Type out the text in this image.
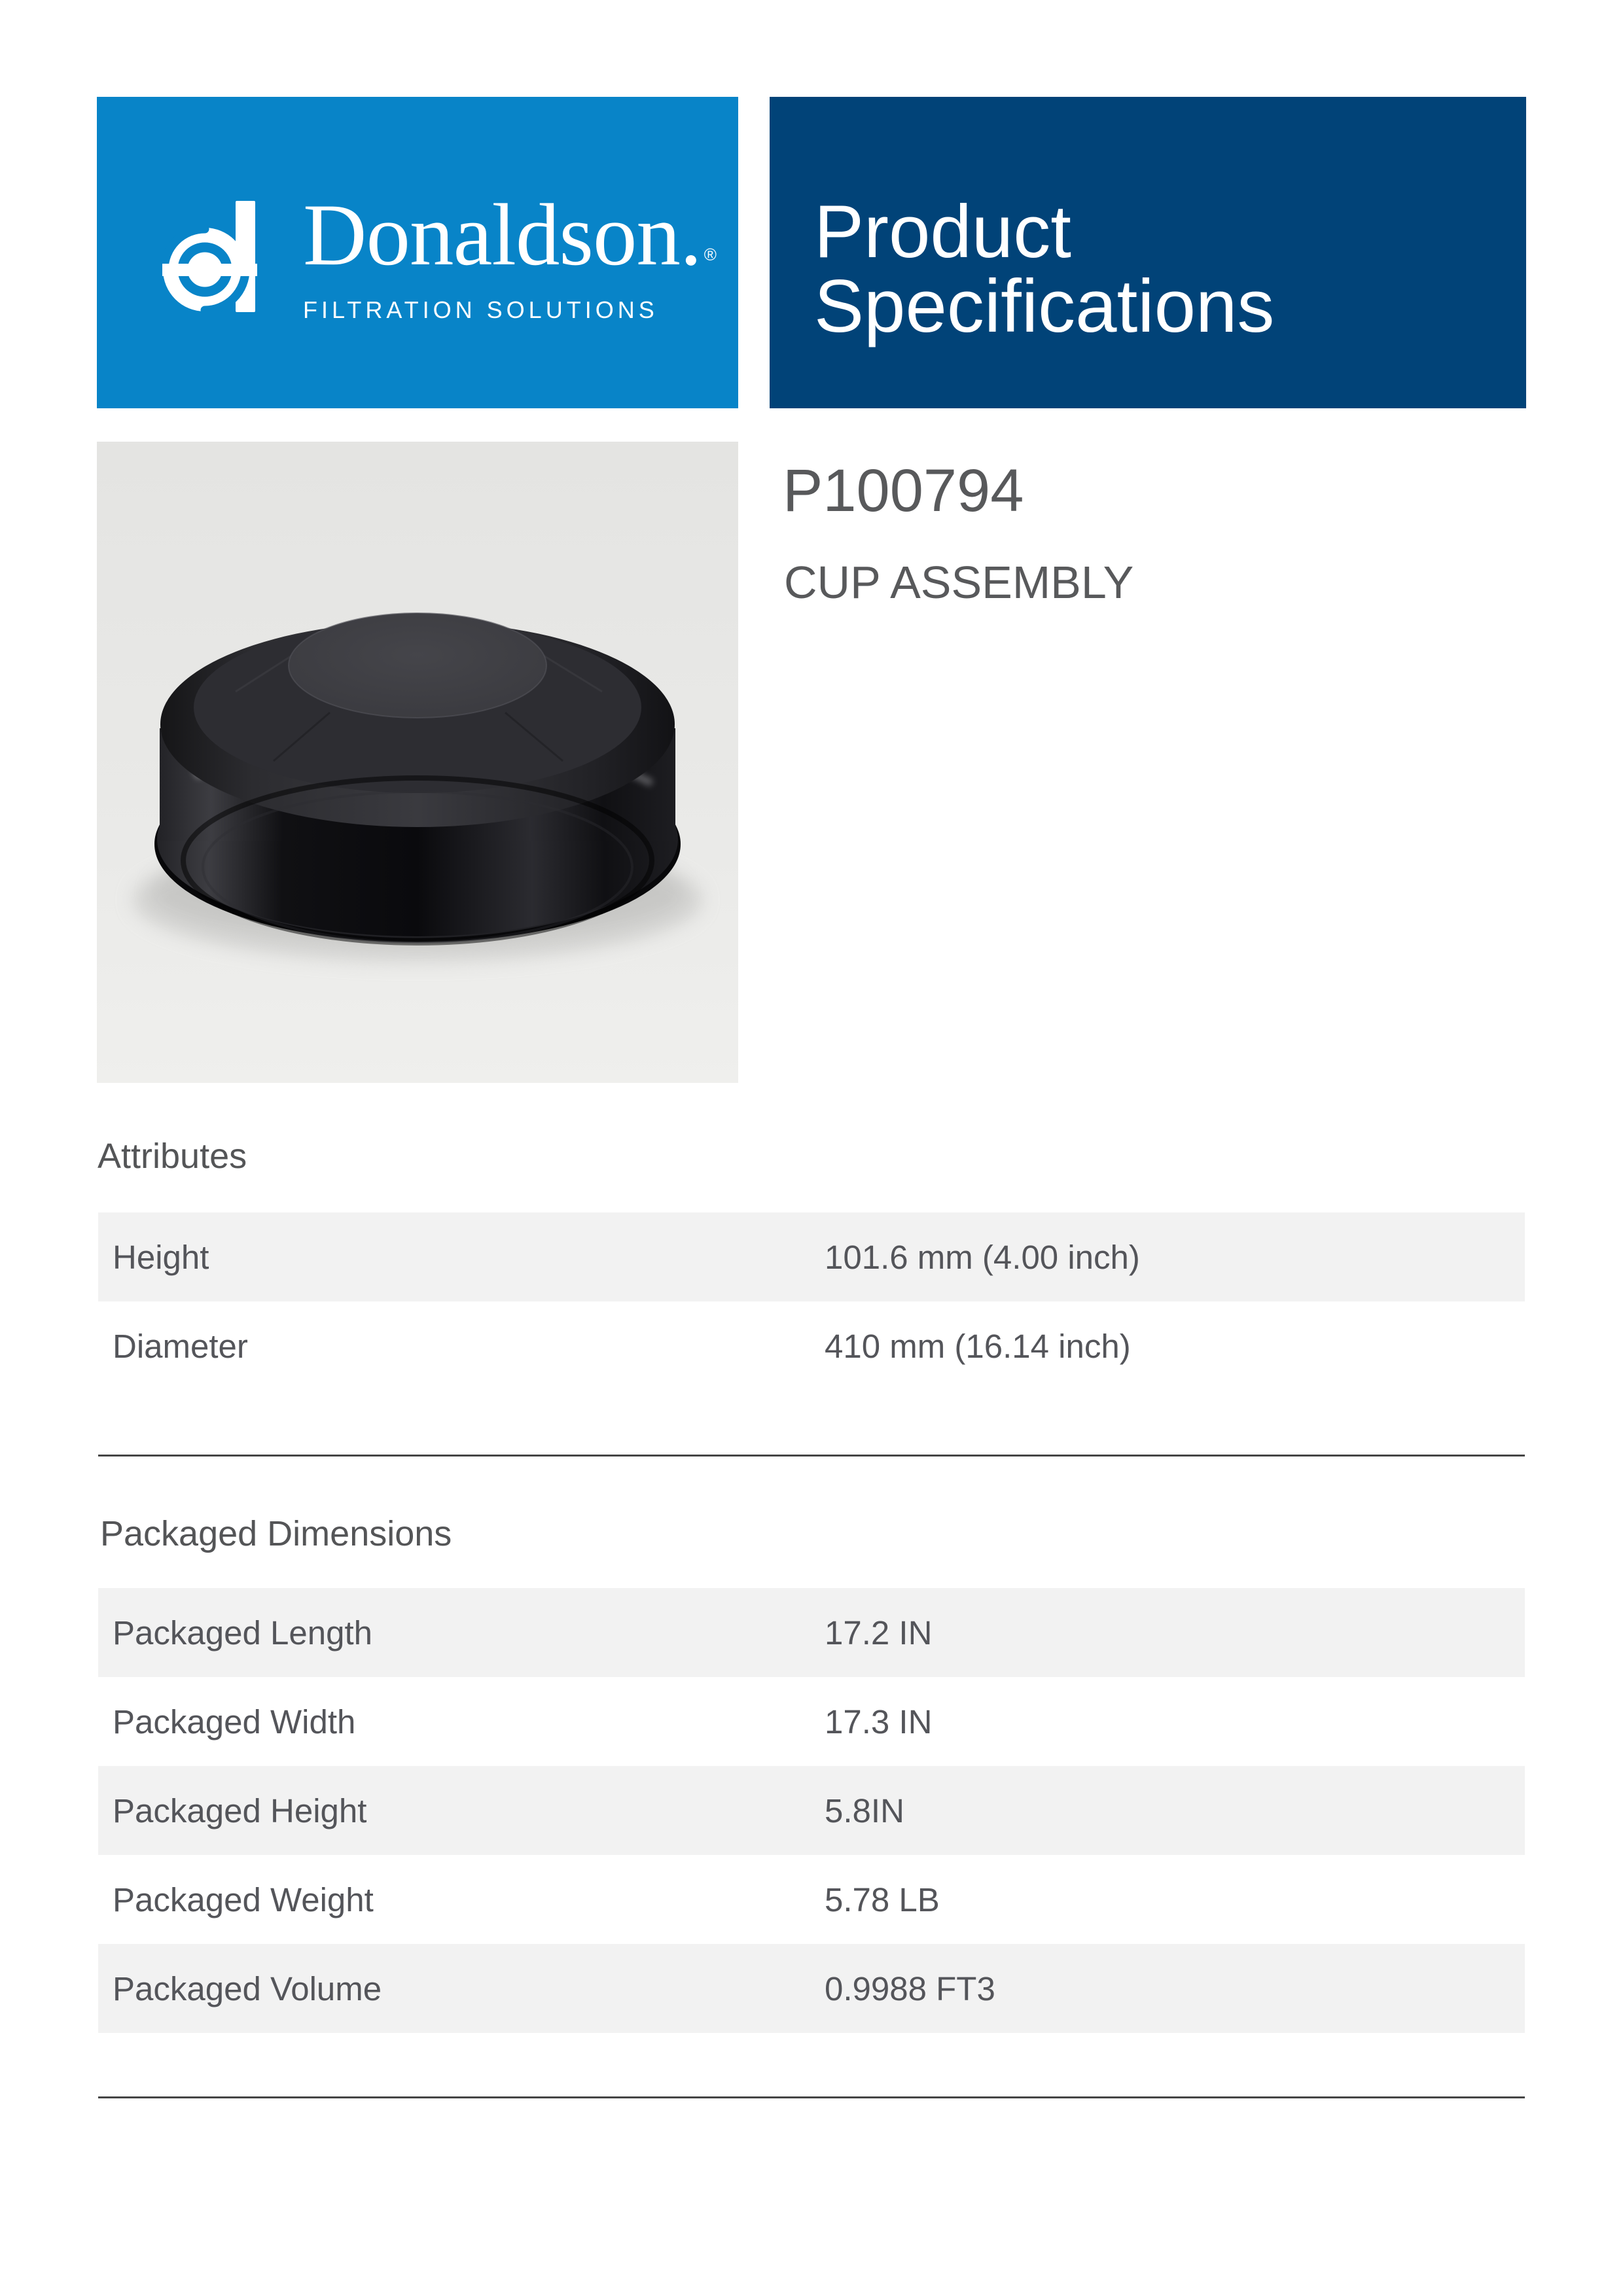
Donaldson. ®
FILTRATION SOLUTIONS
Product Specifications
P100794
CUP ASSEMBLY
Attributes
Height	101.6 mm (4.00 inch)
Diameter	410 mm (16.14 inch)
Packaged Dimensions
Packaged Length	17.2 IN
Packaged Width	17.3 IN
Packaged Height	5.8IN
Packaged Weight	5.78 LB
Packaged Volume	0.9988 FT3
